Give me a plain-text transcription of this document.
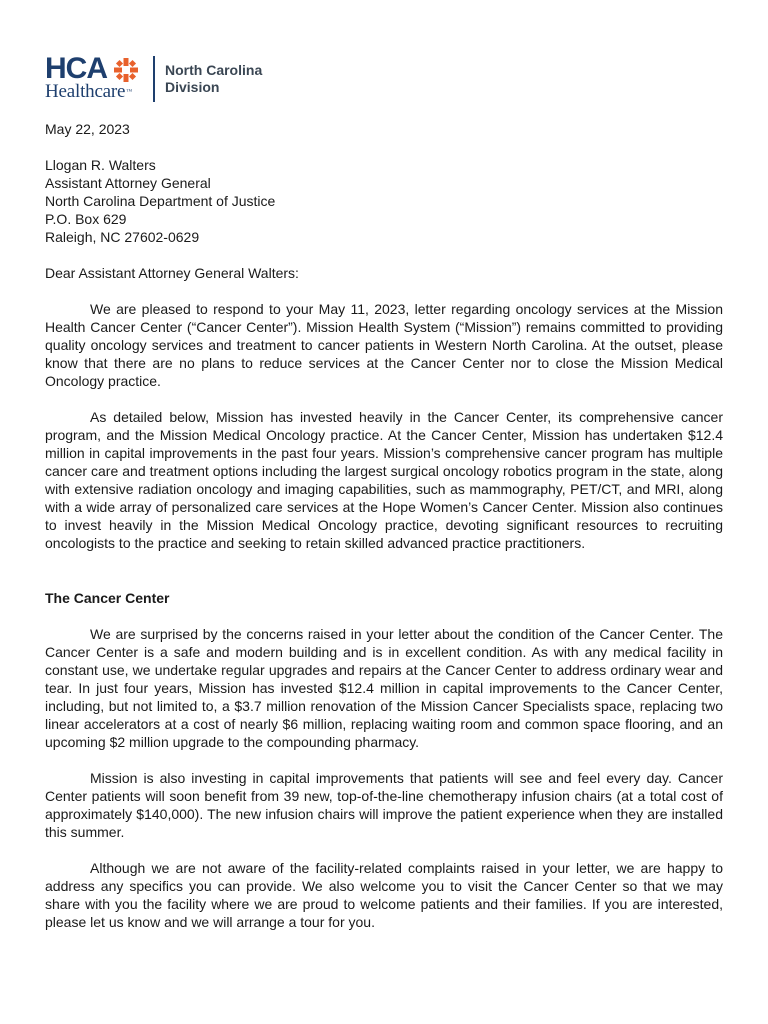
HCA
Healthcare™
North Carolina
Division
May 22, 2023
Llogan R. Walters
Assistant Attorney General
North Carolina Department of Justice
P.O. Box 629
Raleigh, NC 27602-0629
Dear Assistant Attorney General Walters:

We are pleased to respond to your May 11, 2023, letter regarding oncology services at the Mission Health Cancer Center (“Cancer Center”). Mission Health System (“Mission”) remains committed to providing quality oncology services and treatment to cancer patients in Western North Carolina. At the outset, please know that there are no plans to reduce services at the Cancer Center nor to close the Mission Medical Oncology practice.

As detailed below, Mission has invested heavily in the Cancer Center, its comprehensive cancer program, and the Mission Medical Oncology practice. At the Cancer Center, Mission has undertaken $12.4 million in capital improvements in the past four years. Mission’s comprehensive cancer program has multiple cancer care and treatment options including the largest surgical oncology robotics program in the state, along with extensive radiation oncology and imaging capabilities, such as mammography, PET/CT, and MRI, along with a wide array of personalized care services at the Hope Women’s Cancer Center. Mission also continues to invest heavily in the Mission Medical Oncology practice, devoting significant resources to recruiting oncologists to the practice and seeking to retain skilled advanced practice practitioners.

The Cancer Center

We are surprised by the concerns raised in your letter about the condition of the Cancer Center. The Cancer Center is a safe and modern building and is in excellent condition. As with any medical facility in constant use, we undertake regular upgrades and repairs at the Cancer Center to address ordinary wear and tear. In just four years, Mission has invested $12.4 million in capital improvements to the Cancer Center, including, but not limited to, a $3.7 million renovation of the Mission Cancer Specialists space, replacing two linear accelerators at a cost of nearly $6 million, replacing waiting room and common space flooring, and an upcoming $2 million upgrade to the compounding pharmacy.

Mission is also investing in capital improvements that patients will see and feel every day. Cancer Center patients will soon benefit from 39 new, top-of-the-line chemotherapy infusion chairs (at a total cost of approximately $140,000). The new infusion chairs will improve the patient experience when they are installed this summer.

Although we are not aware of the facility-related complaints raised in your letter, we are happy to address any specifics you can provide. We also welcome you to visit the Cancer Center so that we may share with you the facility where we are proud to welcome patients and their families. If you are interested, please let us know and we will arrange a tour for you.
